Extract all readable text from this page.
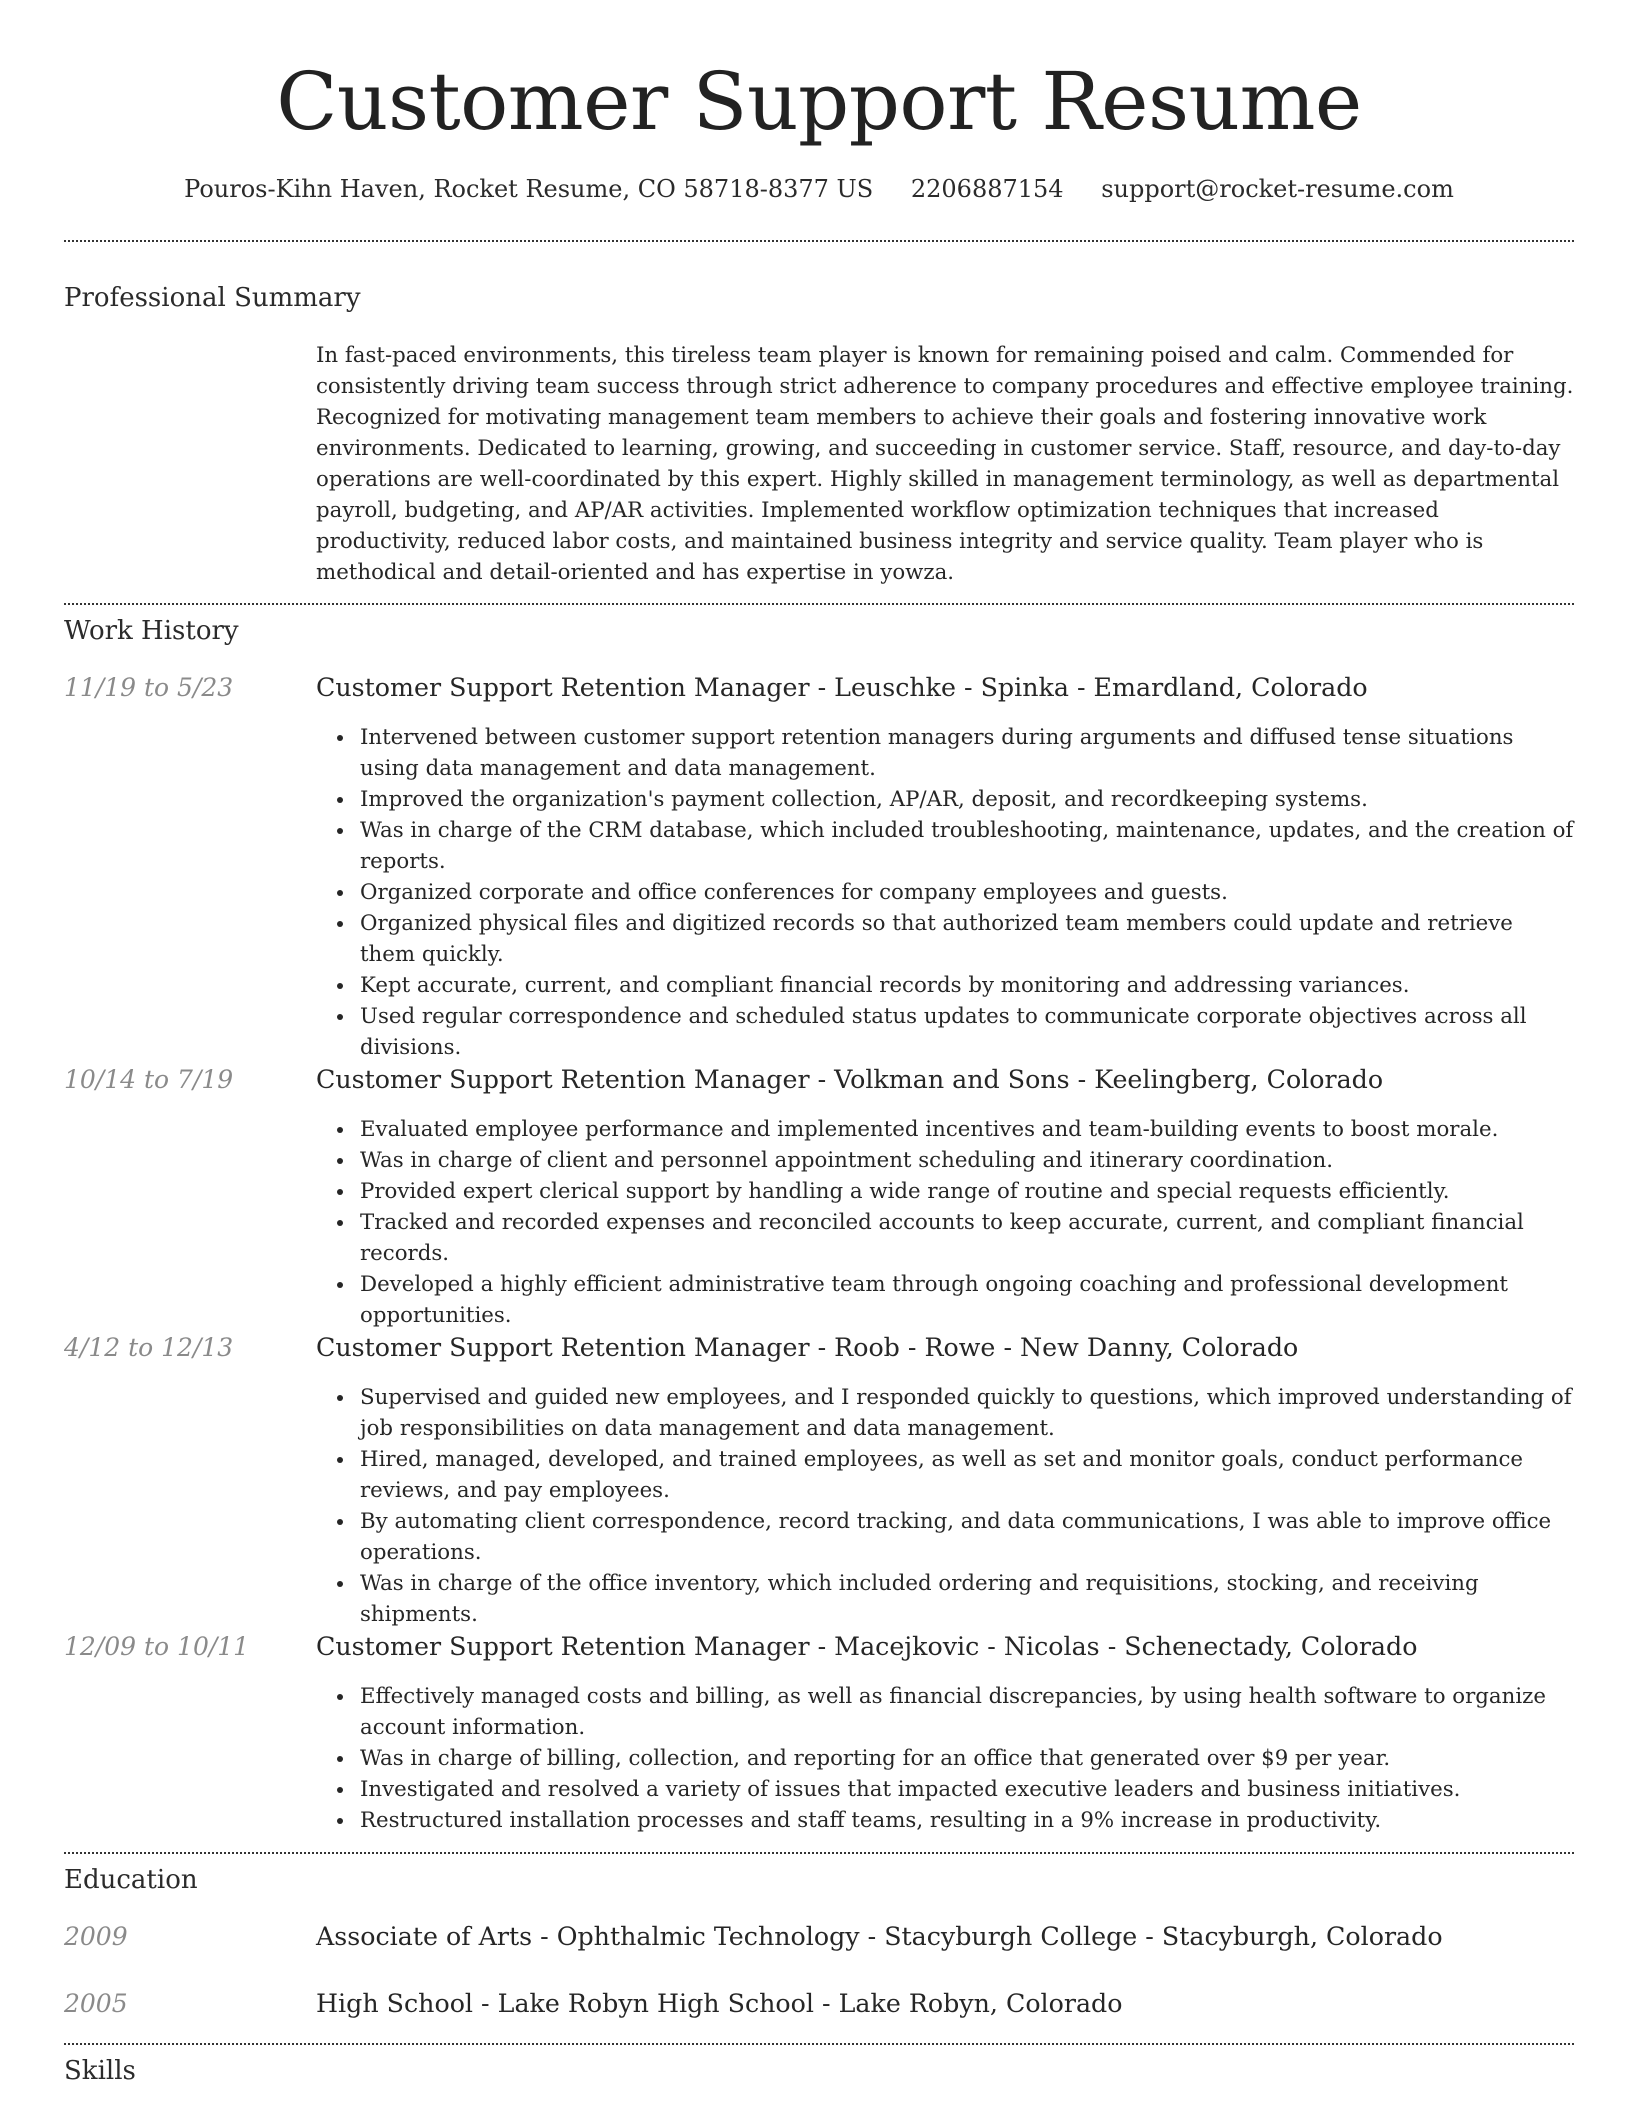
Customer Support Resume
Pouros-Kihn Haven, Rocket Resume, CO 58718-8377 US 2206887154 support@rocket-resume.com
Professional Summary

In fast-paced environments, this tireless team player is known for remaining poised and calm. Commended for consistently driving team success through strict adherence to company procedures and effective employee training. Recognized for motivating management team members to achieve their goals and fostering innovative work environments. Dedicated to learning, growing, and succeeding in customer service. Staff, resource, and day-to-day operations are well-coordinated by this expert. Highly skilled in management terminology, as well as departmental payroll, budgeting, and AP/AR activities. Implemented workflow optimization techniques that increased productivity, reduced labor costs, and maintained business integrity and service quality. Team player who is methodical and detail-oriented and has expertise in yowza.

Work History
11/19 to 5/23	Customer Support Retention Manager - Leuschke - Spinka - Emardland, Colorado
Intervened between customer support retention managers during arguments and diffused tense situations using data management and data management.
Improved the organization's payment collection, AP/AR, deposit, and recordkeeping systems.
Was in charge of the CRM database, which included troubleshooting, maintenance, updates, and the creation of reports.
Organized corporate and office conferences for company employees and guests.
Organized physical files and digitized records so that authorized team members could update and retrieve them quickly.
Kept accurate, current, and compliant financial records by monitoring and addressing variances.
Used regular correspondence and scheduled status updates to communicate corporate objectives across all divisions.
10/14 to 7/19	Customer Support Retention Manager - Volkman and Sons - Keelingberg, Colorado
Evaluated employee performance and implemented incentives and team-building events to boost morale.
Was in charge of client and personnel appointment scheduling and itinerary coordination.
Provided expert clerical support by handling a wide range of routine and special requests efficiently.
Tracked and recorded expenses and reconciled accounts to keep accurate, current, and compliant financial records.
Developed a highly efficient administrative team through ongoing coaching and professional development opportunities.
4/12 to 12/13	Customer Support Retention Manager - Roob - Rowe - New Danny, Colorado
Supervised and guided new employees, and I responded quickly to questions, which improved understanding of job responsibilities on data management and data management.
Hired, managed, developed, and trained employees, as well as set and monitor goals, conduct performance reviews, and pay employees.
By automating client correspondence, record tracking, and data communications, I was able to improve office operations.
Was in charge of the office inventory, which included ordering and requisitions, stocking, and receiving shipments.
12/09 to 10/11	Customer Support Retention Manager - Macejkovic - Nicolas - Schenectady, Colorado
Effectively managed costs and billing, as well as financial discrepancies, by using health software to organize account information.
Was in charge of billing, collection, and reporting for an office that generated over $9 per year.
Investigated and resolved a variety of issues that impacted executive leaders and business initiatives.
Restructured installation processes and staff teams, resulting in a 9% increase in productivity.
Education
2009	Associate of Arts - Ophthalmic Technology - Stacyburgh College - Stacyburgh, Colorado
2005	High School - Lake Robyn High School - Lake Robyn, Colorado
Skills
